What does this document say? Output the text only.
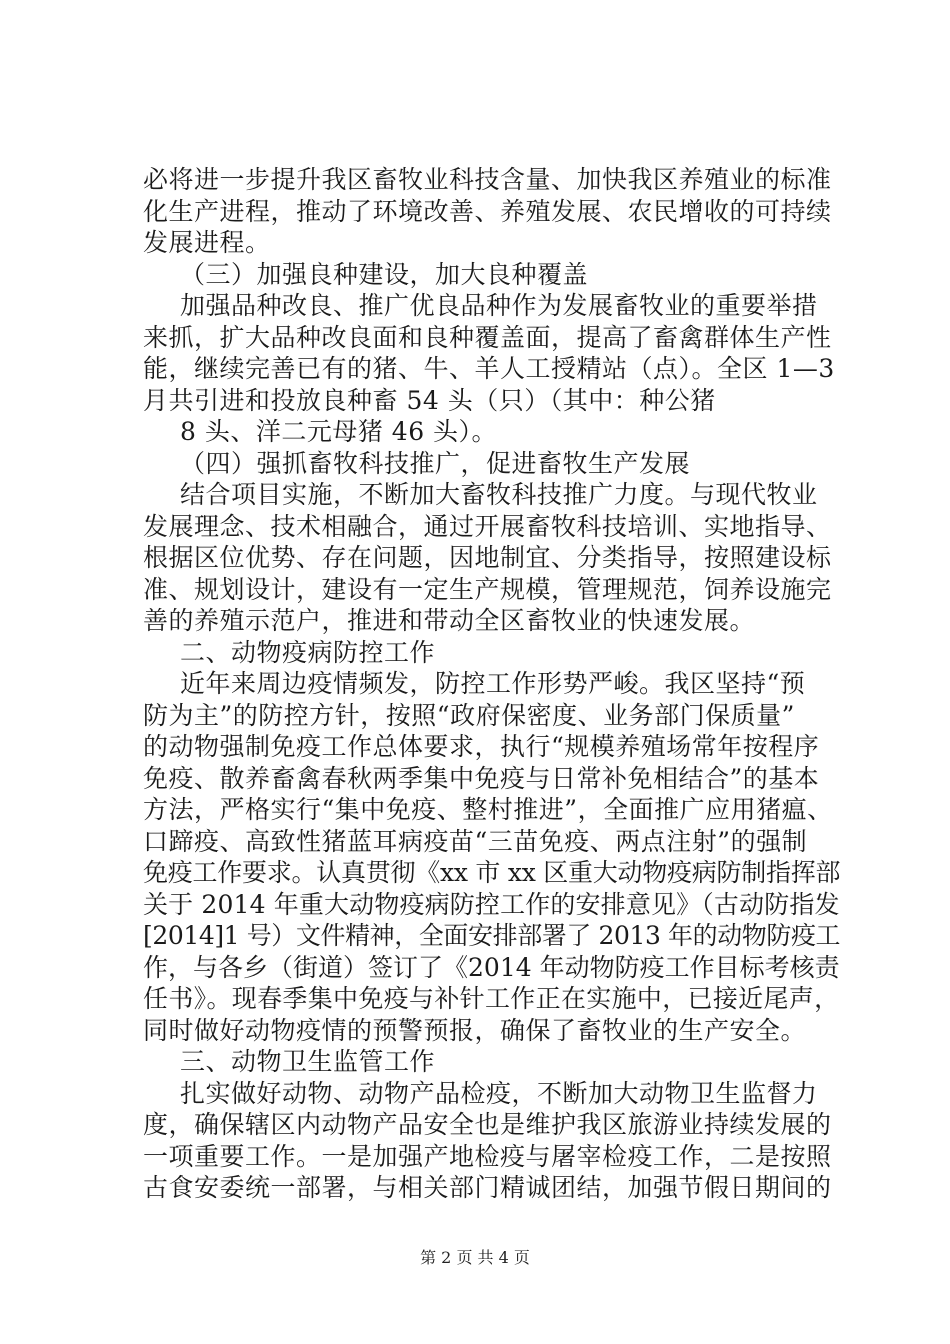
必将进一步提升我区畜牧业科技含量、加快我区养殖业的标准
化生产进程，推动了环境改善、养殖发展、农民增收的可持续
发展进程。
（三）加强良种建设，加大良种覆盖
加强品种改良、推广优良品种作为发展畜牧业的重要举措
来抓，扩大品种改良面和良种覆盖面，提高了畜禽群体生产性
能，继续完善已有的猪、牛、羊人工授精站（点）。全区 1—3
月共引进和投放良种畜 54 头（只）（其中：种公猪
8 头、洋二元母猪 46 头）。
（四）强抓畜牧科技推广，促进畜牧生产发展
结合项目实施，不断加大畜牧科技推广力度。与现代牧业
发展理念、技术相融合，通过开展畜牧科技培训、实地指导、
根据区位优势、存在问题，因地制宜、分类指导，按照建设标
准、规划设计，建设有一定生产规模，管理规范，饲养设施完
善的养殖示范户，推进和带动全区畜牧业的快速发展。
二、动物疫病防控工作
近年来周边疫情频发，防控工作形势严峻。我区坚持“预
防为主”的防控方针，按照“政府保密度、业务部门保质量”
的动物强制免疫工作总体要求，执行“规模养殖场常年按程序
免疫、散养畜禽春秋两季集中免疫与日常补免相结合”的基本
方法，严格实行“集中免疫、整村推进”，全面推广应用猪瘟、
口蹄疫、高致性猪蓝耳病疫苗“三苗免疫、两点注射”的强制
免疫工作要求。认真贯彻《xx 市 xx 区重大动物疫病防制指挥部
关于 2014 年重大动物疫病防控工作的安排意见》（古动防指发
[2014]1 号）文件精神，全面安排部署了 2013 年的动物防疫工
作，与各乡（街道）签订了《2014 年动物防疫工作目标考核责
任书》。现春季集中免疫与补针工作正在实施中，已接近尾声，
同时做好动物疫情的预警预报，确保了畜牧业的生产安全。
三、动物卫生监管工作
扎实做好动物、动物产品检疫，不断加大动物卫生监督力
度，确保辖区内动物产品安全也是维护我区旅游业持续发展的
一项重要工作。一是加强产地检疫与屠宰检疫工作，二是按照
古食安委统一部署，与相关部门精诚团结，加强节假日期间的
第 2 页 共 4 页
